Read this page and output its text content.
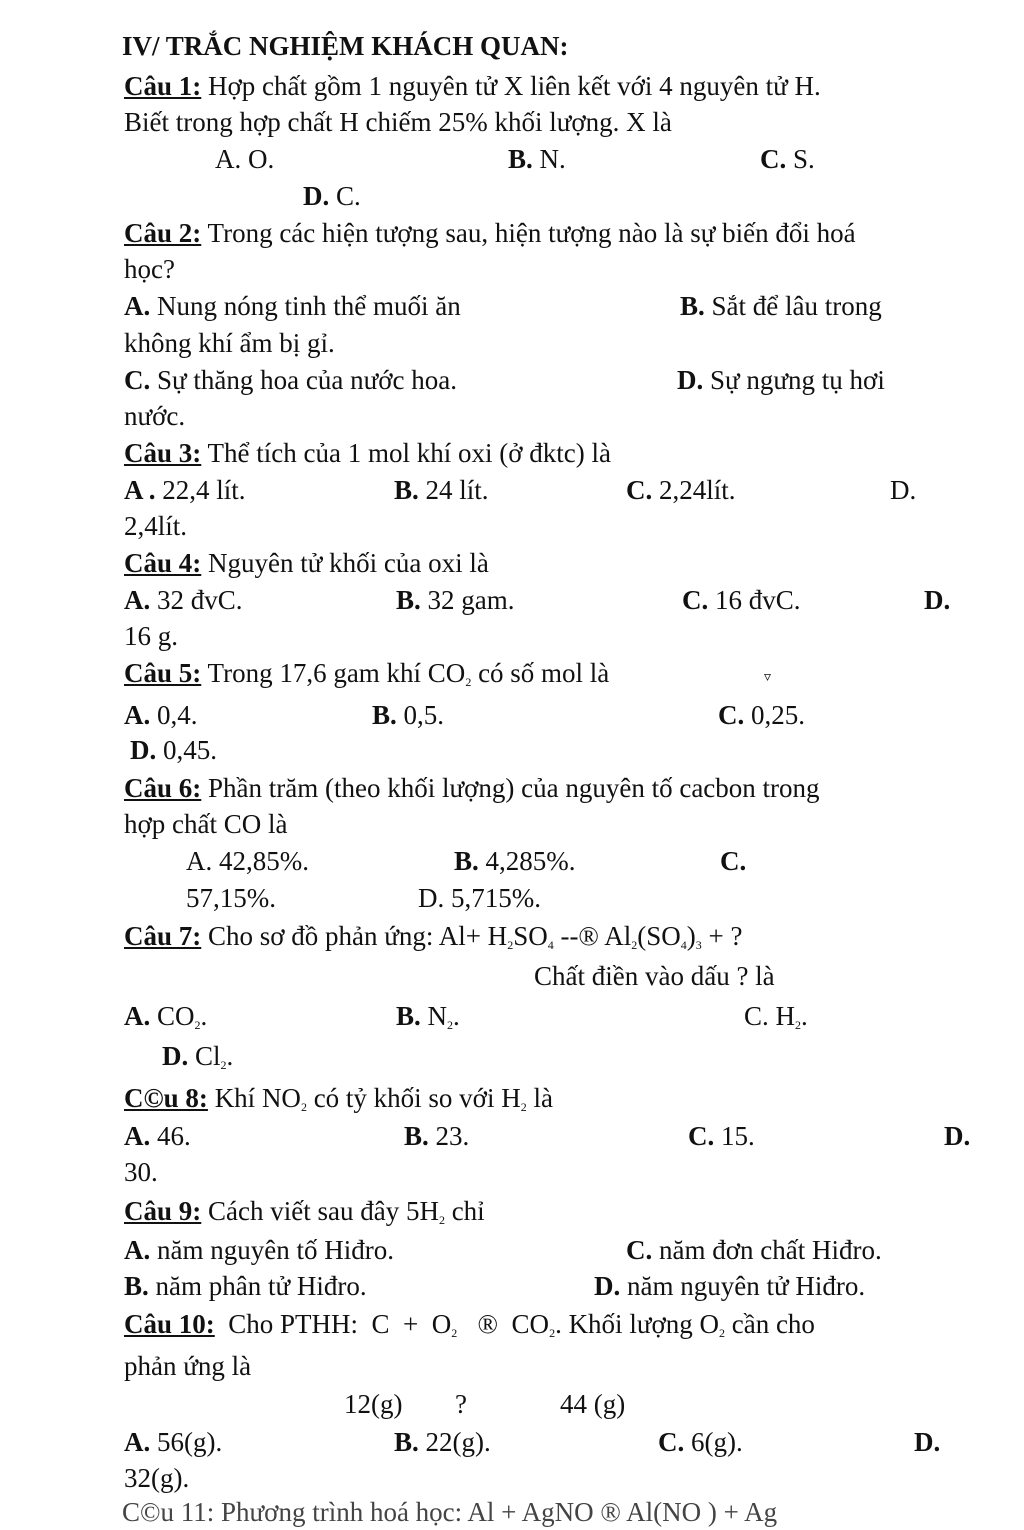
IV/ TRẮC NGHIỆM KHÁCH QUAN:
Câu 1: Hợp chất gồm 1 nguyên tử X liên kết với 4 nguyên tử H.
Biết trong hợp chất H chiếm 25% khối lượng. X là
A. O.	B. N.	C. S.
D. C.
Câu 2: Trong các hiện tượng sau, hiện tượng nào là sự biến đổi hoá
học?
A. Nung nóng tinh thể muối ăn	B. Sắt để lâu trong
không khí ẩm bị gỉ.
C. Sự thăng hoa của nước hoa.	D. Sự ngưng tụ hơi
nước.
Câu 3: Thể tích của 1 mol khí oxi (ở đktc) là
A . 22,4 lít.	B. 24 lít.	C. 2,24lít.	D.
2,4lít.
Câu 4: Nguyên tử khối của oxi là
A. 32 đvC.	B. 32 gam.	C. 16 đvC.	D.
16 g.
Câu 5: Trong 17,6 gam khí $CO_2$ có số mol là	▿
A. 0,4.	B. 0,5.	C. 0,25.
D. 0,45.
Câu 6: Phần trăm (theo khối lượng) của nguyên tố cacbon trong
hợp chất CO là
A. 42,85%.	B. 4,285%.	C.
57,15%.	D. 5,715%.
Câu 7: Cho sơ đồ phản ứng: $Al+ H_2SO_4$ --® $Al_2(SO_4)_3$ + ?
Chất điền vào dấu ? là
A. $CO_2$.	B. $N_2$.	C. $H_2$.
D. $Cl_2$.
C©u 8: Khí $NO_2$ có tỷ khối so với $H_2$ là
A. 46.	B. 23.	C. 15.	D.
30.
Câu 9: Cách viết sau đây $5H_2$ chỉ
A. năm nguyên tố Hiđro.	C. năm đơn chất Hiđro.
B. năm phân tử Hiđro.	D. năm nguyên tử Hiđro.
Câu 10:  Cho PTHH:  $C + O_2$   ®  $CO_2$. Khối lượng $O_2$ cần cho
phản ứng là
12(g) ?	44 (g)
A. 56(g).	B. 22(g).	C. 6(g).	D.
32(g).
C©u 11: Phương trình hoá học: Al + AgNO ® Al(NO ) + Ag
